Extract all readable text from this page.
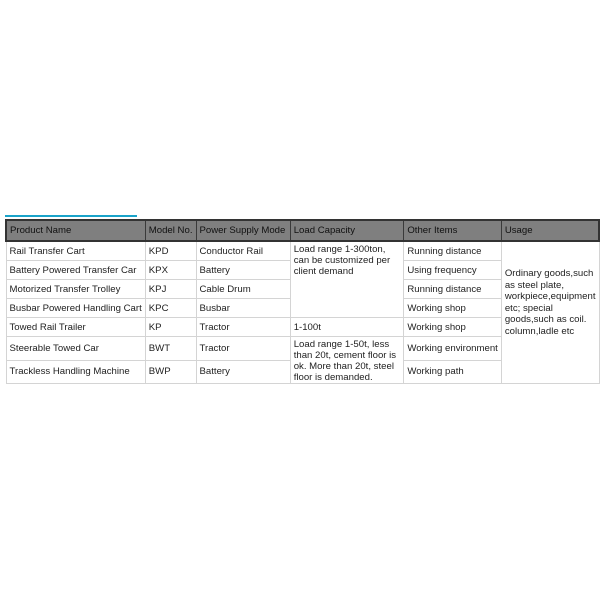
Product Name	Model No.	Power Supply Mode	Load Capacity	Other Items	Usage
Rail Transfer Cart	KPD	Conductor Rail	Load range 1-300ton, can be customized per client demand	Running distance	Ordinary goods,such as steel plate, workpiece,equipment etc; special goods,such as coil. column,ladle etc
Battery Powered Transfer Car	KPX	Battery		Using frequency	
Motorized Transfer Trolley	KPJ	Cable Drum		Running distance	
Busbar Powered Handling Cart	KPC	Busbar		Working shop	
Towed Rail Trailer	KP	Tractor	1-100t	Working shop	
Steerable Towed Car	BWT	Tractor	Load range 1-50t, less than 20t, cement floor is ok. More than 20t, steel floor is demanded.	Working environment	
Trackless Handling Machine	BWP	Battery		Working path	
